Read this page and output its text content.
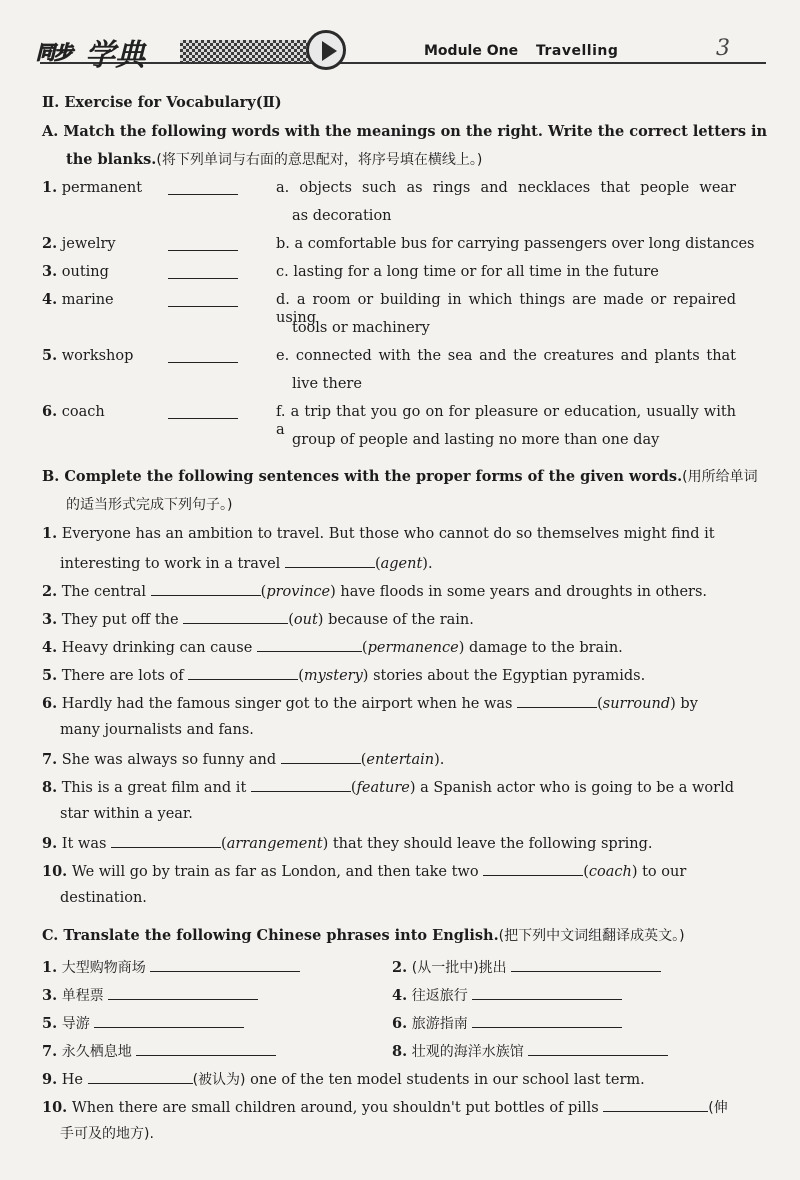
同步 学典	Module One Travelling	3
Ⅱ. Exercise for Vocabulary(Ⅱ)
A. Match the following words with the meanings on the right. Write the correct letters in
the blanks.(将下列单词与右面的意思配对，将序号填在横线上。)
1. permanent	a. objects such as rings and necklaces that people wear
as decoration
2. jewelry	b. a comfortable bus for carrying passengers over long distances
3. outing	c. lasting for a long time or for all time in the future
4. marine	d. a room or building in which things are made or repaired using
tools or machinery
5. workshop	e. connected with the sea and the creatures and plants that
live there
6. coach	f. a trip that you go on for pleasure or education, usually with a
group of people and lasting no more than one day
B. Complete the following sentences with the proper forms of the given words.(用所给单词
的适当形式完成下列句子。)
1. Everyone has an ambition to travel. But those who cannot do so themselves might find it
interesting to work in a travel	(agent).
2. The central	(province) have floods in some years and droughts in others.
3. They put off the	(out) because of the rain.
4. Heavy drinking can cause	(permanence) damage to the brain.
5. There are lots of	(mystery) stories about the Egyptian pyramids.
6. Hardly had the famous singer got to the airport when he was	(surround) by
many journalists and fans.
7. She was always so funny and	(entertain).
8. This is a great film and it	(feature) a Spanish actor who is going to be a world
star within a year.
9. It was	(arrangement) that they should leave the following spring.
10. We will go by train as far as London, and then take two	(coach) to our
destination.
C. Translate the following Chinese phrases into English.(把下列中文词组翻译成英文。)
1. 大型购物商场	2. (从一批中)挑出
3. 单程票	4. 往返旅行
5. 导游	6. 旅游指南
7. 永久栖息地	8. 壮观的海洋水族馆
9. He	(被认为) one of the ten model students in our school last term.
10. When there are small children around, you shouldn't put bottles of pills	(伸
手可及的地方).
